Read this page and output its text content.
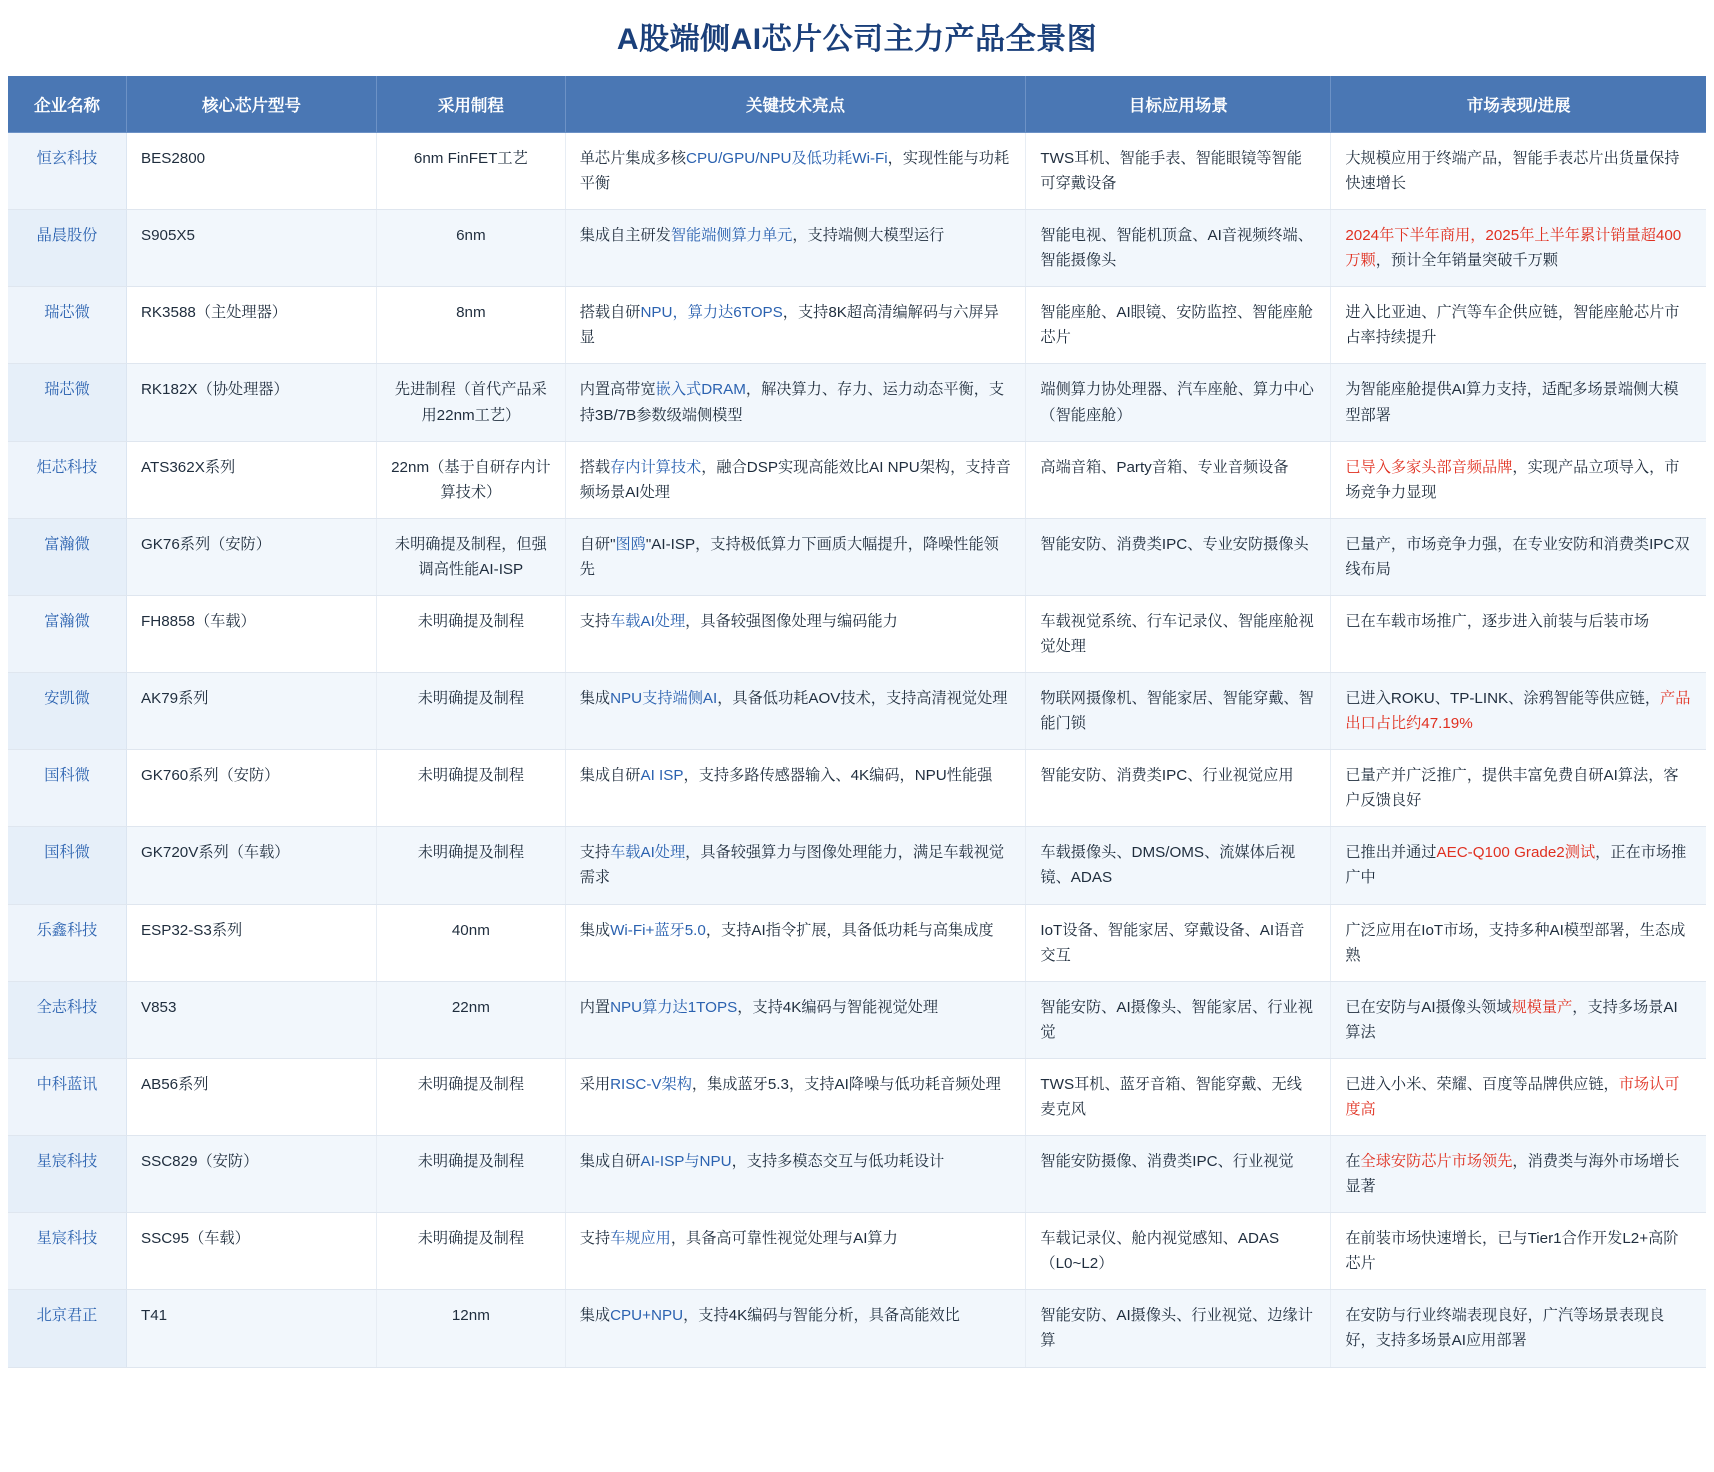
A股端侧AI芯片公司主力产品全景图
企业名称	核心芯片型号	采用制程	关键技术亮点	目标应用场景	市场表现/进展
恒玄科技	BES2800	6nm FinFET工艺	单芯片集成多核CPU/GPU/NPU及低功耗Wi-Fi，实现性能与功耗平衡	TWS耳机、智能手表、智能眼镜等智能可穿戴设备	大规模应用于终端产品，智能手表芯片出货量保持快速增长
晶晨股份	S905X5	6nm	集成自主研发智能端侧算力单元，支持端侧大模型运行	智能电视、智能机顶盒、AI音视频终端、智能摄像头	2024年下半年商用，2025年上半年累计销量超400万颗，预计全年销量突破千万颗
瑞芯微	RK3588（主处理器）	8nm	搭载自研NPU，算力达6TOPS，支持8K超高清编解码与六屏异显	智能座舱、AI眼镜、安防监控、智能座舱芯片	进入比亚迪、广汽等车企供应链，智能座舱芯片市占率持续提升
瑞芯微	RK182X（协处理器）	先进制程（首代产品采用22nm工艺）	内置高带宽嵌入式DRAM，解决算力、存力、运力动态平衡，支持3B/7B参数级端侧模型	端侧算力协处理器、汽车座舱、算力中心（智能座舱）	为智能座舱提供AI算力支持，适配多场景端侧大模型部署
炬芯科技	ATS362X系列	22nm（基于自研存内计算技术）	搭载存内计算技术，融合DSP实现高能效比AI NPU架构，支持音频场景AI处理	高端音箱、Party音箱、专业音频设备	已导入多家头部音频品牌，实现产品立项导入，市场竞争力显现
富瀚微	GK76系列（安防）	未明确提及制程，但强调高性能AI-ISP	自研"图鸥"AI-ISP，支持极低算力下画质大幅提升，降噪性能领先	智能安防、消费类IPC、专业安防摄像头	已量产，市场竞争力强，在专业安防和消费类IPC双线布局
富瀚微	FH8858（车载）	未明确提及制程	支持车载AI处理，具备较强图像处理与编码能力	车载视觉系统、行车记录仪、智能座舱视觉处理	已在车载市场推广，逐步进入前装与后装市场
安凯微	AK79系列	未明确提及制程	集成NPU支持端侧AI，具备低功耗AOV技术，支持高清视觉处理	物联网摄像机、智能家居、智能穿戴、智能门锁	已进入ROKU、TP-LINK、涂鸦智能等供应链，产品出口占比约47.19%
国科微	GK760系列（安防）	未明确提及制程	集成自研AI ISP，支持多路传感器输入、4K编码，NPU性能强	智能安防、消费类IPC、行业视觉应用	已量产并广泛推广，提供丰富免费自研AI算法，客户反馈良好
国科微	GK720V系列（车载）	未明确提及制程	支持车载AI处理，具备较强算力与图像处理能力，满足车载视觉需求	车载摄像头、DMS/OMS、流媒体后视镜、ADAS	已推出并通过AEC-Q100 Grade2测试，正在市场推广中
乐鑫科技	ESP32-S3系列	40nm	集成Wi-Fi+蓝牙5.0，支持AI指令扩展，具备低功耗与高集成度	IoT设备、智能家居、穿戴设备、AI语音交互	广泛应用在IoT市场，支持多种AI模型部署，生态成熟
全志科技	V853	22nm	内置NPU算力达1TOPS，支持4K编码与智能视觉处理	智能安防、AI摄像头、智能家居、行业视觉	已在安防与AI摄像头领域规模量产，支持多场景AI算法
中科蓝讯	AB56系列	未明确提及制程	采用RISC-V架构，集成蓝牙5.3，支持AI降噪与低功耗音频处理	TWS耳机、蓝牙音箱、智能穿戴、无线麦克风	已进入小米、荣耀、百度等品牌供应链，市场认可度高
星宸科技	SSC829（安防）	未明确提及制程	集成自研AI-ISP与NPU，支持多模态交互与低功耗设计	智能安防摄像、消费类IPC、行业视觉	在全球安防芯片市场领先，消费类与海外市场增长显著
星宸科技	SSC95（车载）	未明确提及制程	支持车规应用，具备高可靠性视觉处理与AI算力	车载记录仪、舱内视觉感知、ADAS（L0~L2）	在前装市场快速增长，已与Tier1合作开发L2+高阶芯片
北京君正	T41	12nm	集成CPU+NPU，支持4K编码与智能分析，具备高能效比	智能安防、AI摄像头、行业视觉、边缘计算	在安防与行业终端表现良好，广汽等场景表现良好，支持多场景AI应用部署
